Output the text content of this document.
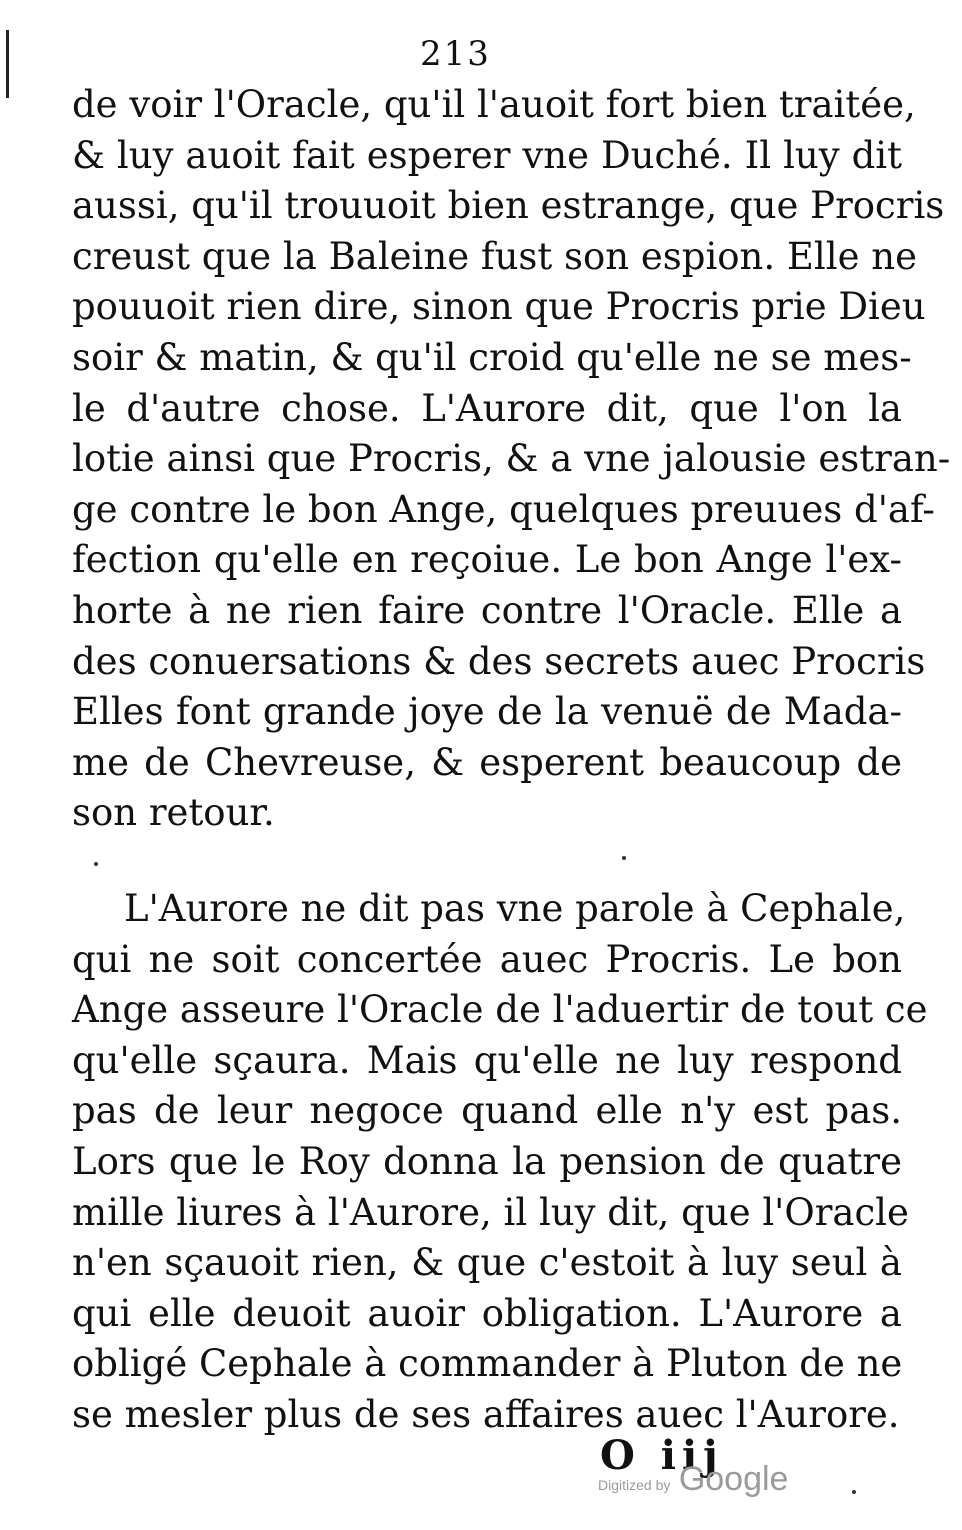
213
de voir l'Oracle, qu'il l'auoit fort bien traitée,
& luy auoit fait esperer vne Duché. Il luy dit
aussi, qu'il trouuoit bien estrange, que Procris
creust que la Baleine fust son espion. Elle ne
pouuoit rien dire, sinon que Procris prie Dieu
soir & matin, & qu'il croid qu'elle ne se mes-
le d'autre chose. L'Aurore dit, que l'on la
lotie ainsi que Procris, & a vne jalousie estran-
ge contre le bon Ange, quelques preuues d'af-
fection qu'elle en reçoiue. Le bon Ange l'ex-
horte à ne rien faire contre l'Oracle. Elle a
des conuersations & des secrets auec Procris
Elles font grande joye de la venuë de Mada-
me de Chevreuse, & esperent beaucoup de
son retour.
L'Aurore ne dit pas vne parole à Cephale,
qui ne soit concertée auec Procris. Le bon
Ange asseure l'Oracle de l'aduertir de tout ce
qu'elle sçaura. Mais qu'elle ne luy respond
pas de leur negoce quand elle n'y est pas.
Lors que le Roy donna la pension de quatre
mille liures à l'Aurore, il luy dit, que l'Oracle
n'en sçauoit rien, & que c'estoit à luy seul à
qui elle deuoit auoir obligation. L'Aurore a
obligé Cephale à commander à Pluton de ne
se mesler plus de ses affaires auec l'Aurore.
O iij
Digitized by Google
